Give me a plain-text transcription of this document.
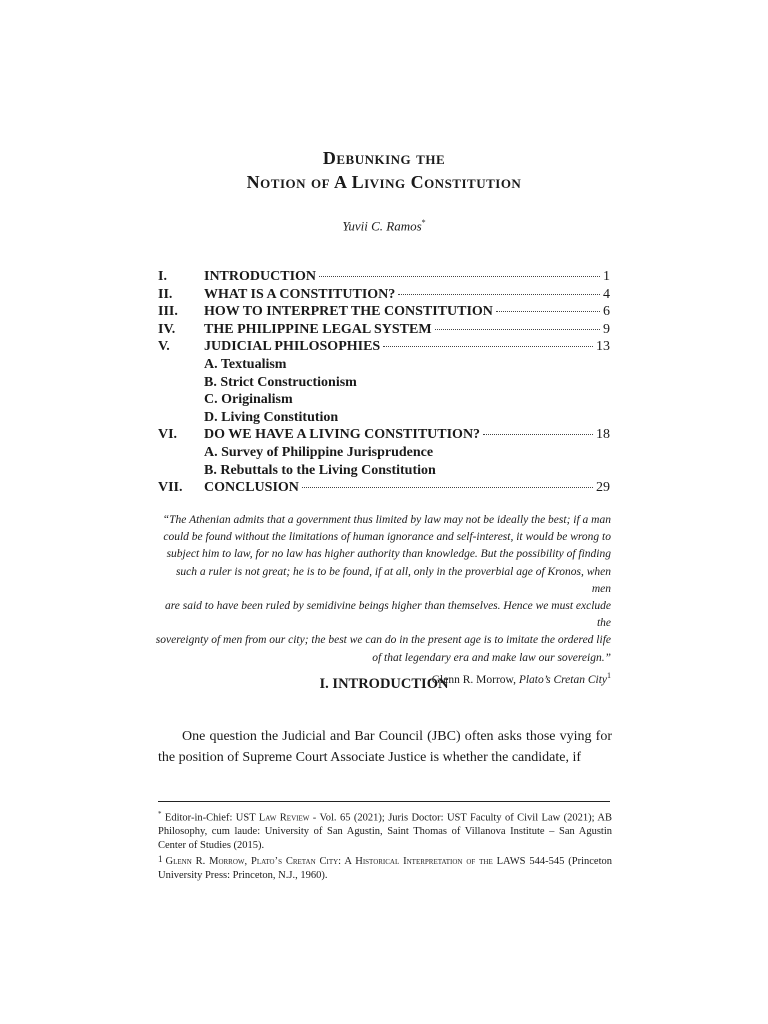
Debunking the
Notion of A Living Constitution
Yuvii C. Ramos*
I.	INTRODUCTION	1
II. WHAT IS A CONSTITUTION?	4
III. HOW TO INTERPRET THE CONSTITUTION	6
IV. THE PHILIPPINE LEGAL SYSTEM	9
V. JUDICIAL PHILOSOPHIES	13
A. Textualism
B. Strict Constructionism
C. Originalism
D. Living Constitution
VI. DO WE HAVE A LIVING CONSTITUTION?	18
A. Survey of Philippine Jurisprudence
B. Rebuttals to the Living Constitution
VII. CONCLUSION	29
“The Athenian admits that a government thus limited by law may not be ideally the best; if a man
could be found without the limitations of human ignorance and self-interest, it would be wrong to
subject him to law, for no law has higher authority than knowledge. But the possibility of finding
such a ruler is not great; he is to be found, if at all, only in the proverbial age of Kronos, when men
are said to have been ruled by semidivine beings higher than themselves. Hence we must exclude the
sovereignty of men from our city; the best we can do in the present age is to imitate the ordered life
of that legendary era and make law our sovereign.”
-Glenn R. Morrow, Plato’s Cretan City$^1$
I. INTRODUCTION
One question the Judicial and Bar Council (JBC) often asks those vying for the position of Supreme Court Associate Justice is whether the candidate, if
* Editor-in-Chief: UST Law Review - Vol. 65 (2021); Juris Doctor: UST Faculty of Civil Law (2021); AB Philosophy, cum laude: University of San Agustin, Saint Thomas of Villanova Institute – San Agustin Center of Studies (2015).
1 Glenn R. Morrow, Plato’s Cretan City: A Historical Interpretation of the LAWS 544-545 (Princeton University Press: Princeton, N.J., 1960).
